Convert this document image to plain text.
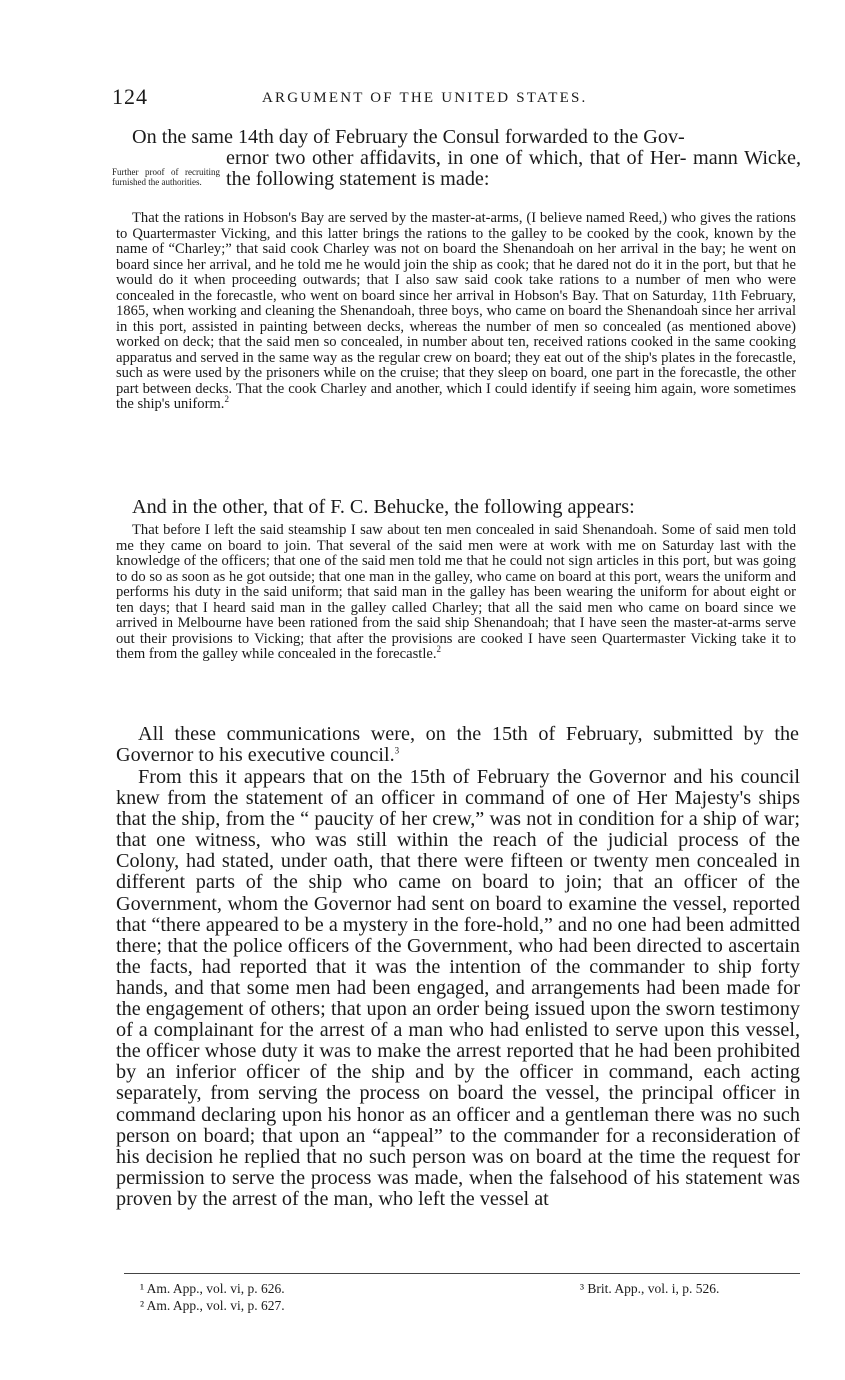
124	ARGUMENT OF THE UNITED STATES.
Further proof of recruiting furnished the authorities.
On the same 14th day of February the Consul forwarded to the Gov-
ernor two other affidavits, in one of which, that of Her- mann Wicke, the following statement is made:

That the rations in Hobson's Bay are served by the master-at-arms, (I believe named Reed,) who gives the rations to Quartermaster Vicking, and this latter brings the rations to the galley to be cooked by the cook, known by the name of “Charley;” that said cook Charley was not on board the Shenandoah on her arrival in the bay; he went on board since her arrival, and he told me he would join the ship as cook; that he dared not do it in the port, but that he would do it when proceeding outwards; that I also saw said cook take rations to a number of men who were concealed in the forecastle, who went on board since her arrival in Hobson's Bay. That on Saturday, 11th February, 1865, when working and cleaning the Shenandoah, three boys, who came on board the Shenandoah since her arrival in this port, assisted in painting between decks, whereas the number of men so concealed (as mentioned above) worked on deck; that the said men so concealed, in number about ten, received rations cooked in the same cooking apparatus and served in the same way as the regular crew on board; they eat out of the ship's plates in the forecastle, such as were used by the prisoners while on the cruise; that they sleep on board, one part in the forecastle, the other part between decks. That the cook Charley and another, which I could identify if seeing him again, wore sometimes the ship's uniform.$^2$

And in the other, that of F. C. Behucke, the following appears:

That before I left the said steamship I saw about ten men concealed in said Shenandoah. Some of said men told me they came on board to join. That several of the said men were at work with me on Saturday last with the knowledge of the officers; that one of the said men told me that he could not sign articles in this port, but was going to do so as soon as he got outside; that one man in the galley, who came on board at this port, wears the uniform and performs his duty in the said uniform; that said man in the galley has been wearing the uniform for about eight or ten days; that I heard said man in the galley called Charley; that all the said men who came on board since we arrived in Melbourne have been rationed from the said ship Shenandoah; that I have seen the master-at-arms serve out their provisions to Vicking; that after the provisions are cooked I have seen Quartermaster Vicking take it to them from the galley while concealed in the forecastle.$^2$

All these communications were, on the 15th of February, submitted by the Governor to his executive council.$^3$

From this it appears that on the 15th of February the Governor and his council knew from the statement of an officer in command of one of Her Majesty's ships that the ship, from the “ paucity of her crew,” was not in condition for a ship of war; that one witness, who was still within the reach of the judicial process of the Colony, had stated, under oath, that there were fifteen or twenty men concealed in different parts of the ship who came on board to join; that an officer of the Government, whom the Governor had sent on board to examine the vessel, reported that “there appeared to be a mystery in the fore-hold,” and no one had been admitted there; that the police officers of the Government, who had been directed to ascertain the facts, had reported that it was the intention of the commander to ship forty hands, and that some men had been engaged, and arrangements had been made for the engagement of others; that upon an order being issued upon the sworn testimony of a complainant for the arrest of a man who had enlisted to serve upon this vessel, the officer whose duty it was to make the arrest reported that he had been prohibited by an inferior officer of the ship and by the officer in command, each acting separately, from serving the process on board the vessel, the principal officer in command declaring upon his honor as an officer and a gentleman there was no such person on board; that upon an “appeal” to the commander for a reconsideration of his decision he replied that no such person was on board at the time the request for permission to serve the process was made, when the falsehood of his statement was proven by the arrest of the man, who left the vessel at

¹ Am. App., vol. vi, p. 626.
² Am. App., vol. vi, p. 627.
³ Brit. App., vol. i, p. 526.
